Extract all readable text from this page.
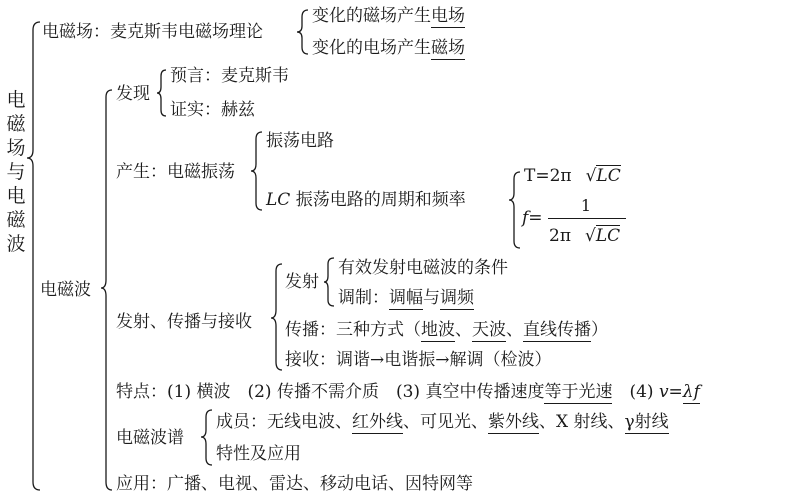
电磁场与电磁波
电磁场：麦克斯韦电磁场理论
变化的磁场产生电场
变化的电场产生磁场
电磁波
发现
预言：麦克斯韦
证实：赫兹
产生：电磁振荡
振荡电路
LC 振荡电路的周期和频率
T=2π √LC
f=
1
2π √LC
发射、传播与接收
发射
有效发射电磁波的条件
调制：调幅与调频
传播：三种方式（地波、天波、直线传播）
接收：调谐→电谐振→解调（检波）
特点：(1) 横波　(2) 传播不需介质　(3) 真空中传播速度等于光速　(4) v=λf
电磁波谱
成员：无线电波、红外线、可见光、紫外线、X 射线、γ射线
特性及应用
应用：广播、电视、雷达、移动电话、因特网等
